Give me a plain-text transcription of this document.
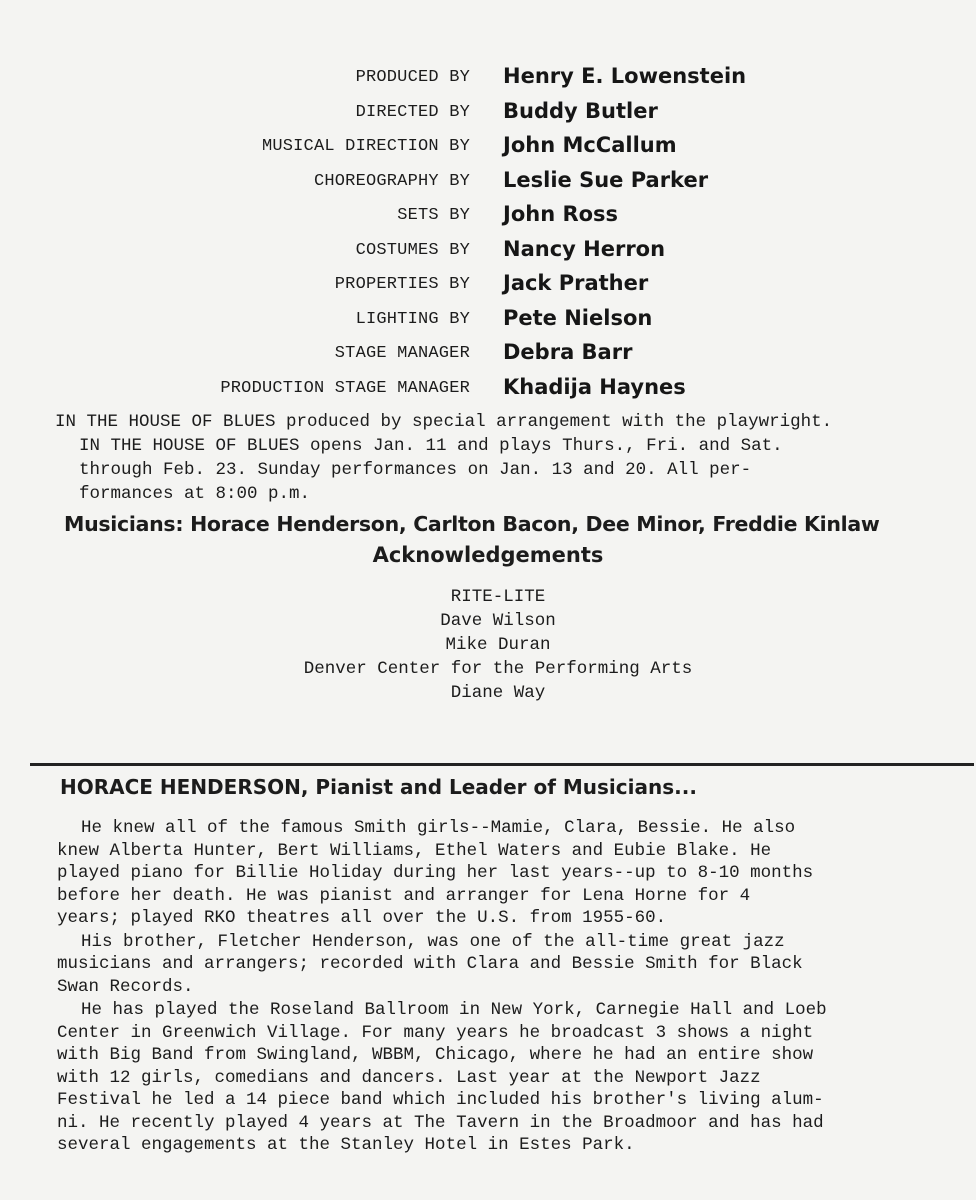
PRODUCED BY Henry E. Lowenstein
DIRECTED BY Buddy Butler
MUSICAL DIRECTION BY John McCallum
CHOREOGRAPHY BY Leslie Sue Parker
SETS BY John Ross
COSTUMES BY Nancy Herron
PROPERTIES BY Jack Prather
LIGHTING BY Pete Nielson
STAGE MANAGER Debra Barr
PRODUCTION STAGE MANAGER Khadija Haynes

IN THE HOUSE OF BLUES produced by special arrangement with the playwright.

IN THE HOUSE OF BLUES opens Jan. 11 and plays Thurs., Fri. and Sat.

through Feb. 23. Sunday performances on Jan. 13 and 20. All per-

formances at 8:00 p.m.

Musicians: Horace Henderson, Carlton Bacon, Dee Minor, Freddie Kinlaw
Acknowledgements
RITE-LITE
Dave Wilson
Mike Duran
Denver Center for the Performing Arts
Diane Way
HORACE HENDERSON, Pianist and Leader of Musicians...

He knew all of the famous Smith girls--Mamie, Clara, Bessie. He also

knew Alberta Hunter, Bert Williams, Ethel Waters and Eubie Blake. He

played piano for Billie Holiday during her last years--up to 8-10 months

before her death. He was pianist and arranger for Lena Horne for 4

years; played RKO theatres all over the U.S. from 1955-60.

His brother, Fletcher Henderson, was one of the all-time great jazz

musicians and arrangers; recorded with Clara and Bessie Smith for Black

Swan Records.

He has played the Roseland Ballroom in New York, Carnegie Hall and Loeb

Center in Greenwich Village. For many years he broadcast 3 shows a night

with Big Band from Swingland, WBBM, Chicago, where he had an entire show

with 12 girls, comedians and dancers. Last year at the Newport Jazz

Festival he led a 14 piece band which included his brother's living alum-

ni. He recently played 4 years at The Tavern in the Broadmoor and has had

several engagements at the Stanley Hotel in Estes Park.
